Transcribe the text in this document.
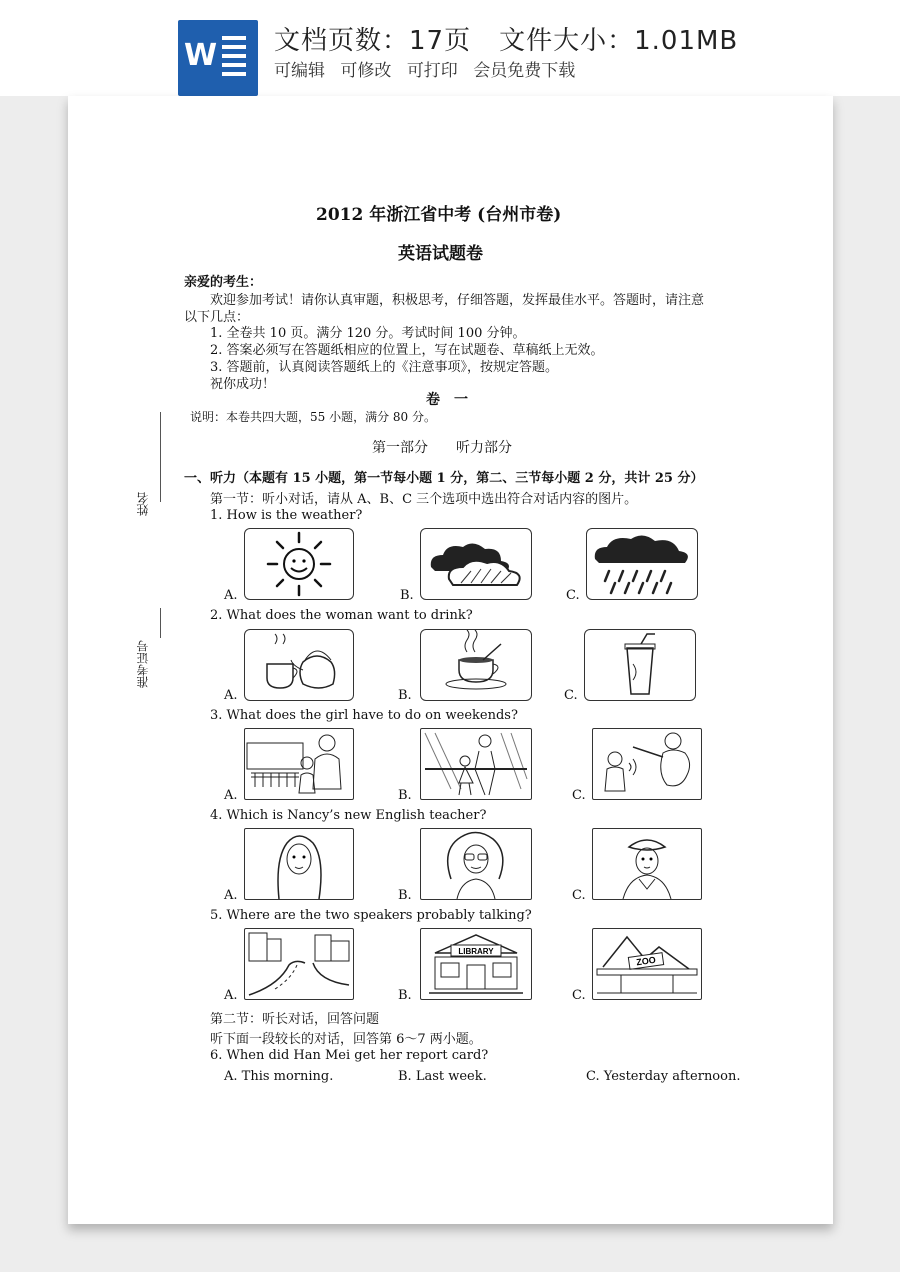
W 文档页数：17页 文件大小：1.01MB
可编辑 可修改 可打印 会员免费下载
2012 年浙江省中考 (台州市卷)
英语试题卷
亲爱的考生：
欢迎参加考试！请你认真审题，积极思考，仔细答题，发挥最佳水平。答题时，请注意
以下几点：
1. 全卷共 10 页。满分 120 分。考试时间 100 分钟。
2. 答案必须写在答题纸相应的位置上，写在试题卷、草稿纸上无效。
3. 答题前，认真阅读答题纸上的《注意事项》，按规定答题。
祝你成功！
卷　一
说明：本卷共四大题，55 小题，满分 80 分。
第一部分　　听力部分
一、听力（本题有 15 小题，第一节每小题 1 分，第二、三节每小题 2 分，共计 25 分）
第一节：听小对话，请从 A、B、C 三个选项中选出符合对话内容的图片。
姓名
准考证号
1. How is the weather?
A.	B.	C.
2. What does the woman want to drink?
A.	B.	C.
3. What does the girl have to do on weekends?
A.	B.	C.
4. Which is Nancy’s new English teacher?
A.	B.	C.
5. Where are the two speakers probably talking?
A.	B.
LIBRARY
C.
ZOO
第二节：听长对话，回答问题
听下面一段较长的对话，回答第 6～7 两小题。
6. When did Han Mei get her report card?
A. This morning.	B. Last week.	C. Yesterday afternoon.
